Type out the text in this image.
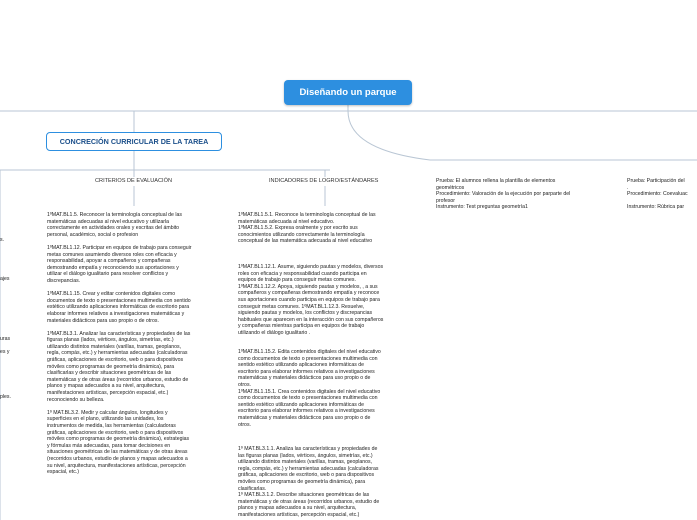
Diseñando un parque
CONCRECIÓN CURRICULAR DE LA TAREA
CRITERIOS DE EVALUACIÓN	INDICADORES DE LOGRO/ESTÁNDARES
1ºMAT.BL1.5. Reconocer la terminología conceptual de las
matemáticas adecuadas al nivel educativo y utilizarla
correctamente en actividades orales y escritas del ámbito
personal, académico, social o profesion

1ºMAT.BL1.12. Participar en equipos de trabajo para conseguir
metas comunes asumiendo diversos roles con eficacia y
responsabilidad, apoyar a compañeros y compañeras
demostrando empatía y reconociendo sus aportaciones y
utilizar el diálogo igualitario para resolver conflictos y
discrepancias.

1ºMAT.BL1.15. Crear y editar contenidos digitales como
documentos de texto o presentaciones multimedia con sentido
estético utilizando aplicaciones informáticas de escritorio para
elaborar informes relativos a investigaciones matemáticas y
materiales didácticos para uso propio o de otros.

1ºMAT.BL3.1. Analizar las características y propiedades de las
figuras planas (lados, vértices, ángulos, simetrías, etc.)
utilizando distintos materiales (varillas, tramas, geoplanos,
regla, compás, etc.) y herramientas adecuadas (calculadoras
gráficas, aplicaciones de escritorio, web o para dispositivos
móviles como programas de geometría dinámica), para
clasificarlas y describir situaciones geométricas de las
matemáticas y de otras áreas (recorridos urbanos, estudio de
planos y mapas adecuados a su nivel, arquitectura,
manifestaciones artísticas, percepción espacial, etc.)
reconociendo su belleza.

1º MAT.BL3.2. Medir y calcular ángulos, longitudes y
superficies en el plano, utilizando las unidades, los
instrumentos de medida, las herramientas (calculadoras
gráficas, aplicaciones de escritorio, web o para dispositivos
móviles como programas de geometría dinámica), estrategias
y fórmulas más adecuadas, para tomar decisiones en
situaciones geométricas de las matemáticas y de otras áreas
(recorridos urbanos, estudio de planos y mapas adecuados a
su nivel, arquitectura, manifestaciones artísticas, percepción
espacial, etc.)
1ºMAT.BL1.5.1. Reconoce la terminología conceptual de las
matemáticas adecuada al nivel educativo.
1ºMAT.BL1.5.2. Expresa oralmente y por escrito sus
conocimientos utilizando correctamente la terminología
conceptual de las matemática adecuada al nivel educativo
1ºMAT.BL1.12.1. Asume, siguiendo pautas y modelos, diversos
roles con eficacia y responsabilidad cuando participa en
equipos de trabajo para conseguir metas comunes.
1ºMAT.BL1.12.2. Apoya, siguiendo pautas y modelos, , a sus
compañeros y compañeras demostrando empatía y reconoce
sus aportaciones cuando participa en equipos de trabajo para
conseguir metas comunes. 1ºMAT.BL1.12.3. Resuelve,
siguiendo pautas y modelos, los conflictos y discrepancias
habituales que aparecen en la interacción con sus compañeros
y compañeras mientras participa en equipos de trabajo
utilizando el diálogo igualitario .
1ºMAT.BL1.15.2. Edita contenidos digitales del nivel educativo
como documentos de texto o presentaciones multimedia con
sentido estético utilizando aplicaciones informáticas de
escritorio para elaborar informes relativos a investigaciones
matemáticas y materiales didácticos para uso propio o de
otros.
1ºMAT.BL1.15.1. Crea contenidos digitales del nivel educativo
como documentos de texto o presentaciones multimedia con
sentido estético utilizando aplicaciones informáticas de
escritorio para elaborar informes relativos a investigaciones
matemáticas y materiales didácticos para uso propio o de
otros.
1º MAT.BL3.1.1. Analiza las características y propiedades de
las figuras planas (lados, vértices, ángulos, simetrías, etc.)
utilizando distintos materiales (varillas, tramas, geoplanos,
regla, compás, etc.) y herramientas adecuadas (calculadoras
gráficas, aplicaciones de escritorio, web o para dispositivos
móviles como programas de geometría dinámica), para
clasificarlas.
1º MAT.BL3.1.2. Describe situaciones geométricas de las
matemáticas y de otras áreas (recorridos urbanos, estudio de
planos y mapas adecuados a su nivel, arquitectura,
manifestaciones artísticas, percepción espacial, etc.)
Prueba: El alumnos rellena la plantilla de elementos
geométricos
Procedimiento: Valoración de la ejecución por parparte del
profesor
Instrumento: Test preguntas geometría1
Prueba: Participación del
.
Procedimiento: Coevaluac

Instrumento: Rúbrica par
s.
ajes
uras
es y
ples.
